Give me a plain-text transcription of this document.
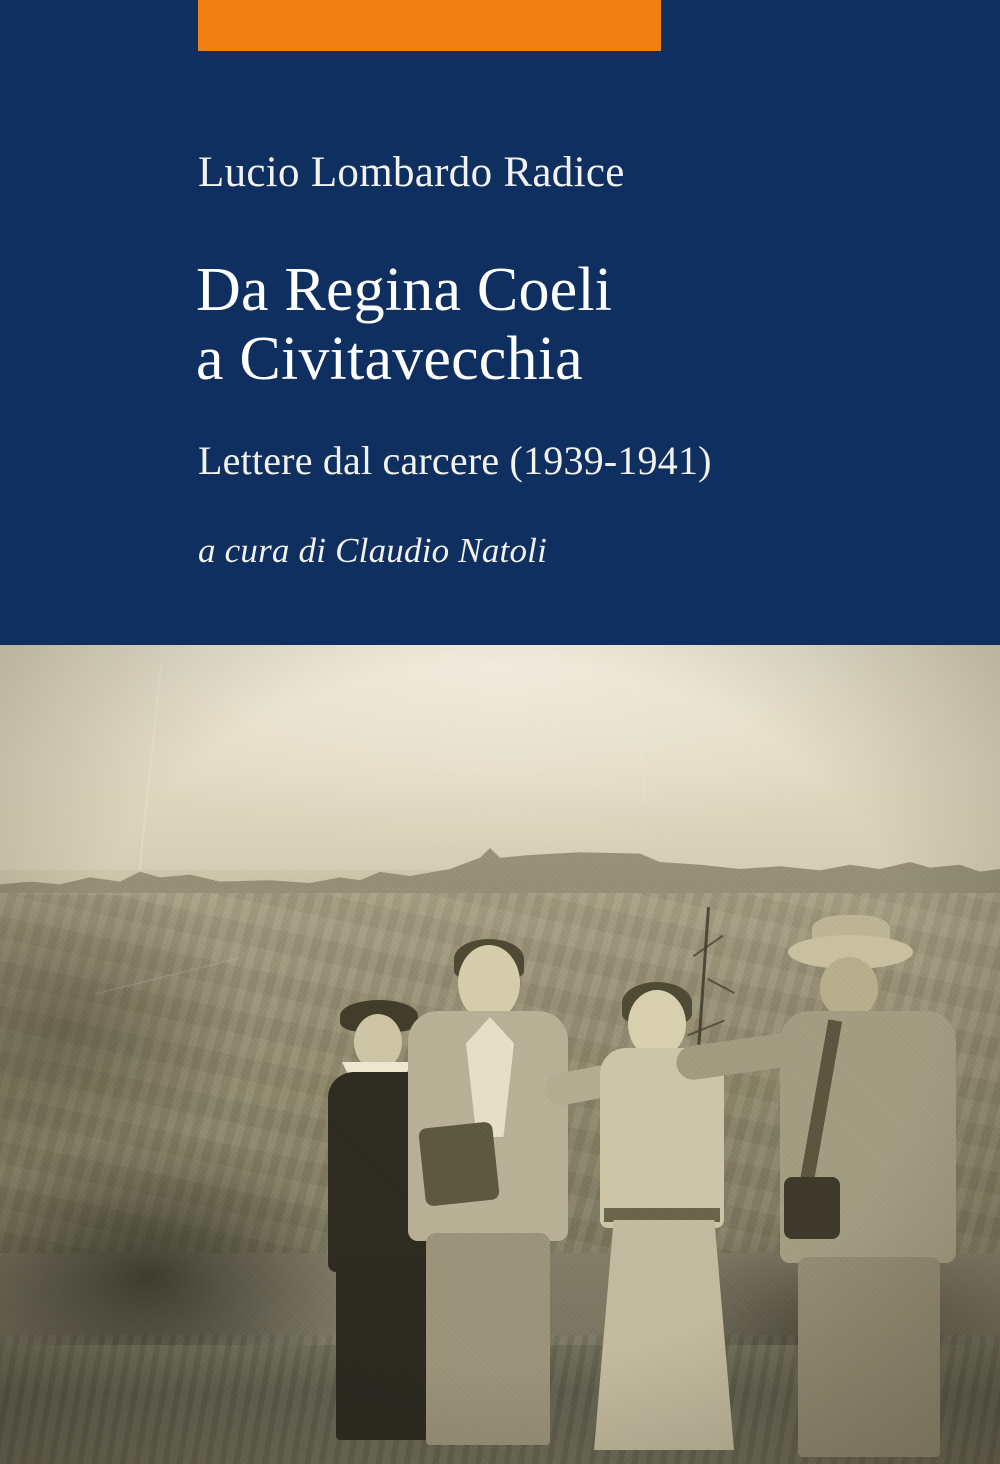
Lucio Lombardo Radice
Da Regina Coeli
a Civitavecchia
Lettere dal carcere (1939-1941)
a cura di Claudio Natoli
